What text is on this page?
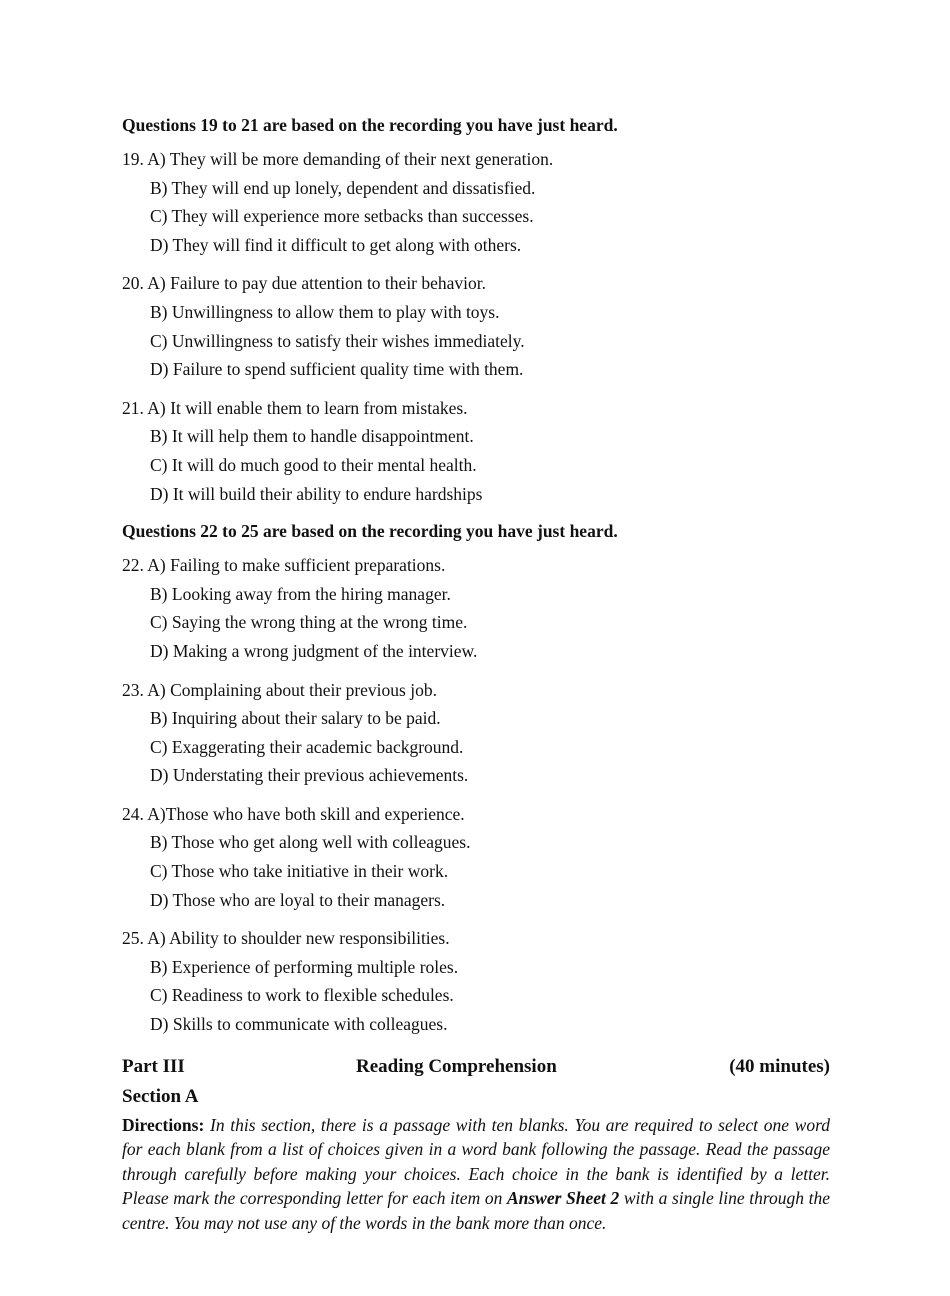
Questions 19 to 21 are based on the recording you have just heard.
19. A) They will be more demanding of their next generation.
B) They will end up lonely, dependent and dissatisfied.
C) They will experience more setbacks than successes.
D) They will find it difficult to get along with others.
20. A) Failure to pay due attention to their behavior.
B) Unwillingness to allow them to play with toys.
C) Unwillingness to satisfy their wishes immediately.
D) Failure to spend sufficient quality time with them.
21. A) It will enable them to learn from mistakes.
B) It will help them to handle disappointment.
C) It will do much good to their mental health.
D) It will build their ability to endure hardships
Questions 22 to 25 are based on the recording you have just heard.
22. A) Failing to make sufficient preparations.
B) Looking away from the hiring manager.
C) Saying the wrong thing at the wrong time.
D) Making a wrong judgment of the interview.
23. A) Complaining about their previous job.
B) Inquiring about their salary to be paid.
C) Exaggerating their academic background.
D) Understating their previous achievements.
24. A)Those who have both skill and experience.
B) Those who get along well with colleagues.
C) Those who take initiative in their work.
D) Those who are loyal to their managers.
25. A) Ability to shoulder new responsibilities.
B) Experience of performing multiple roles.
C) Readiness to work to flexible schedules.
D) Skills to communicate with colleagues.
Part III	Reading Comprehension	(40 minutes)
Section A
Directions: In this section, there is a passage with ten blanks. You are required to select one word for each blank from a list of choices given in a word bank following the passage. Read the passage through carefully before making your choices. Each choice in the bank is identified by a letter. Please mark the corresponding letter for each item on Answer Sheet 2 with a single line through the centre. You may not use any of the words in the bank more than once.
